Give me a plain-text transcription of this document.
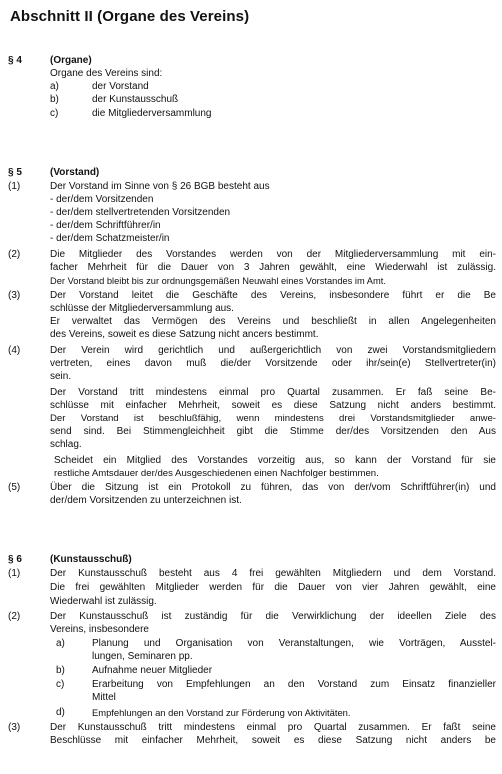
Abschnitt II (Organe des Vereins)
§ 4	(Organe)
Organe des Vereins sind:
a)	der Vorstand
b)	der Kunstausschuß
c)	die Mitgliederversammlung
§ 5	(Vorstand)
(1)	Der Vorstand im Sinne von § 26 BGB besteht aus
- der/dem Vorsitzenden
- der/dem stellvertretenden Vorsitzenden
- der/dem Schriftführer/in
- der/dem Schatzmeister/in
(2)	Die Mitglieder des Vorstandes werden von der Mitgliederversammlung mit ein-
facher Mehrheit für die Dauer von 3 Jahren gewählt, eine Wiederwahl ist zulässig.
Der Vorstand bleibt bis zur ordnungsgemäßen Neuwahl eines Vorstandes im Amt.
(3)	Der Vorstand leitet die Geschäfte des Vereins, insbesondere führt er die Be
schlüsse der Mitgliederversammlung aus.
Er verwaltet das Vermögen des Vereins und beschließt in allen Angelegenheiten
des Vereins, soweit es diese Satzung nicht ancers bestimmt.
(4)	Der Verein wird gerichtlich und außergerichtlich von zwei Vorstandsmitgliedern
vertreten, eines davon muß die/der Vorsitzende oder ihr/sein(e) Stellvertreter(in)
sein.
Der Vorstand tritt mindestens einmal pro Quartal zusammen. Er faß seine Be-
schlüsse mit einfacher Mehrheit, soweit es diese Satzung nicht anders bestimmt.
Der Vorstand ist beschlußfähig, wenn mindestens drei Vorstandsmitglieder anwe-
send sind. Bei Stimmengleichheit gibt die Stimme der/des Vorsitzenden den Aus
schlag.
Scheidet ein Mitglied des Vorstandes vorzeitig aus, so kann der Vorstand für sie
restliche Amtsdauer der/des Ausgeschiedenen einen Nachfolger bestimmen.
(5)	Über die Sitzung ist ein Protokoll zu führen, das von der/vom Schriftführer(in) und
der/dem Vorsitzenden zu unterzeichnen ist.
§ 6	(Kunstausschuß)
(1)	Der Kunstausschuß besteht aus 4 frei gewählten Mitgliedern und dem Vorstand.
Die frei gewählten Mitglieder werden für die Dauer von vier Jahren gewählt, eine
Wiederwahl ist zulässig.
(2)	Der Kunstausschuß ist zuständig für die Verwirklichung der ideellen Ziele des
Vereins, insbesondere
a)	Planung und Organisation von Veranstaltungen, wie Vorträgen, Ausstel-
lungen, Seminaren pp.
b)	Aufnahme neuer Mitglieder
c)	Erarbeitung von Empfehlungen an den Vorstand zum Einsatz finanzieller
Mittel
d)	Empfehlungen an den Vorstand zur Förderung von Aktivitäten.
(3)	Der Kunstausschuß tritt mindestens einmal pro Quartal zusammen. Er faßt seine
Beschlüsse mit einfacher Mehrheit, soweit es diese Satzung nicht anders be
